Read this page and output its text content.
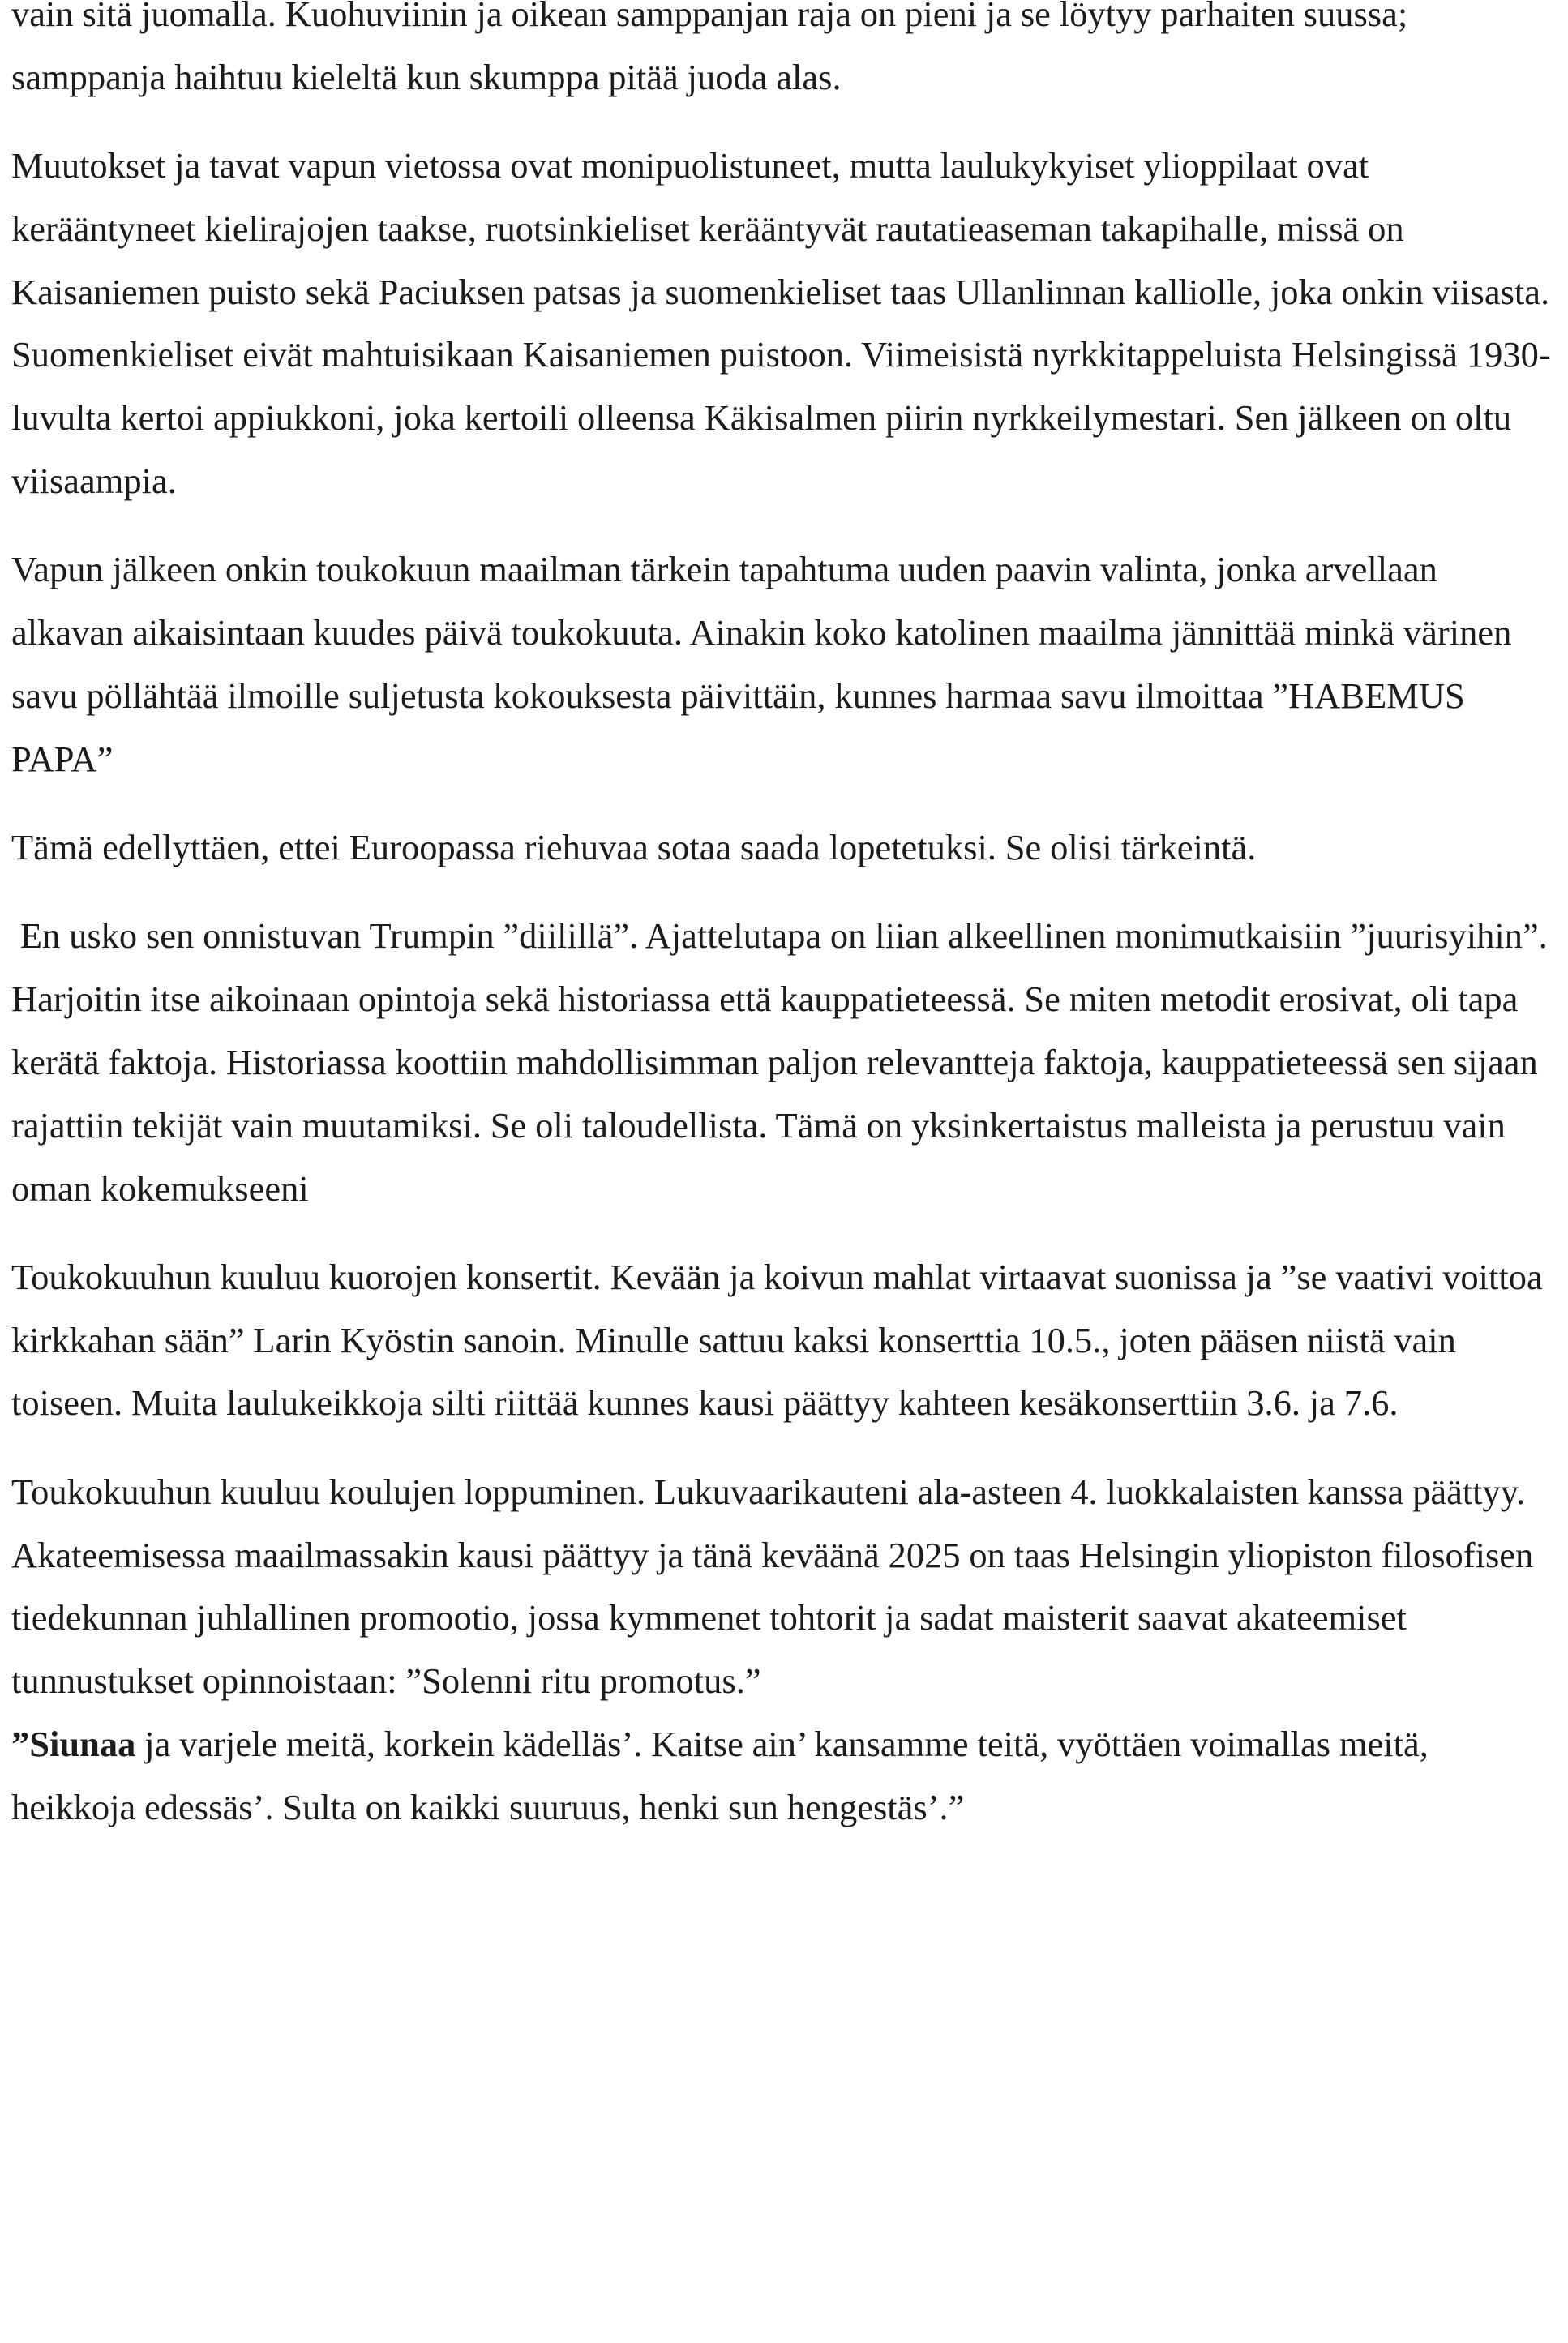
vain sitä juomalla. Kuohuviinin ja oikean samppanjan raja on pieni ja se löytyy parhaiten suussa; samppanja haihtuu kieleltä kun skumppa pitää juoda alas.

Muutokset ja tavat vapun vietossa ovat monipuolistuneet, mutta laulukykyiset ylioppilaat ovat kerääntyneet kielirajojen taakse, ruotsinkieliset kerääntyvät rautatieaseman takapihalle, missä on Kaisaniemen puisto sekä Paciuksen patsas ja suomenkieliset taas Ullanlinnan kalliolle, joka onkin viisasta. Suomenkieliset eivät mahtuisikaan Kaisaniemen puistoon. Viimeisistä nyrkkitappeluista Helsingissä 1930-luvulta kertoi appiukkoni, joka kertoili olleensa Käkisalmen piirin nyrkkeilymestari. Sen jälkeen on oltu viisaampia.

Vapun jälkeen onkin toukokuun maailman tärkein tapahtuma uuden paavin valinta, jonka arvellaan alkavan aikaisintaan kuudes päivä toukokuuta. Ainakin koko katolinen maailma jännittää minkä värinen savu pöllähtää ilmoille suljetusta kokouksesta päivittäin, kunnes harmaa savu ilmoittaa ”HABEMUS PAPA”

Tämä edellyttäen, ettei Euroopassa riehuvaa sotaa saada lopetetuksi. Se olisi tärkeintä.

En usko sen onnistuvan Trumpin ”diilillä”. Ajattelutapa on liian alkeellinen monimutkaisiin ”juurisyihin”. Harjoitin itse aikoinaan opintoja sekä historiassa että kauppatieteessä. Se miten metodit erosivat, oli tapa kerätä faktoja. Historiassa koottiin mahdollisimman paljon relevantteja faktoja, kauppatieteessä sen sijaan rajattiin tekijät vain muutamiksi. Se oli taloudellista. Tämä on yksinkertaistus malleista ja perustuu vain oman kokemukseeni

Toukokuuhun kuuluu kuorojen konsertit. Kevään ja koivun mahlat virtaavat suonissa ja ”se vaativi voittoa kirkkahan sään” Larin Kyöstin sanoin. Minulle sattuu kaksi konserttia 10.5., joten pääsen niistä vain toiseen. Muita laulukeikkoja silti riittää kunnes kausi päättyy kahteen kesäkonserttiin 3.6. ja 7.6.

Toukokuuhun kuuluu koulujen loppuminen. Lukuvaarikauteni ala-asteen 4. luokkalaisten kanssa päättyy. Akateemisessa maailmassakin kausi päättyy ja tänä keväänä 2025 on taas Helsingin yliopiston filosofisen tiedekunnan juhlallinen promootio, jossa kymmenet tohtorit ja sadat maisterit saavat akateemiset tunnustukset opinnoistaan: ”Solenni ritu promotus.”

”Siunaa ja varjele meitä, korkein kädelläs’. Kaitse ain’ kansamme teitä, vyöttäen voimallas meitä, heikkoja edessäs’. Sulta on kaikki suuruus, henki sun hengestäs’.”
